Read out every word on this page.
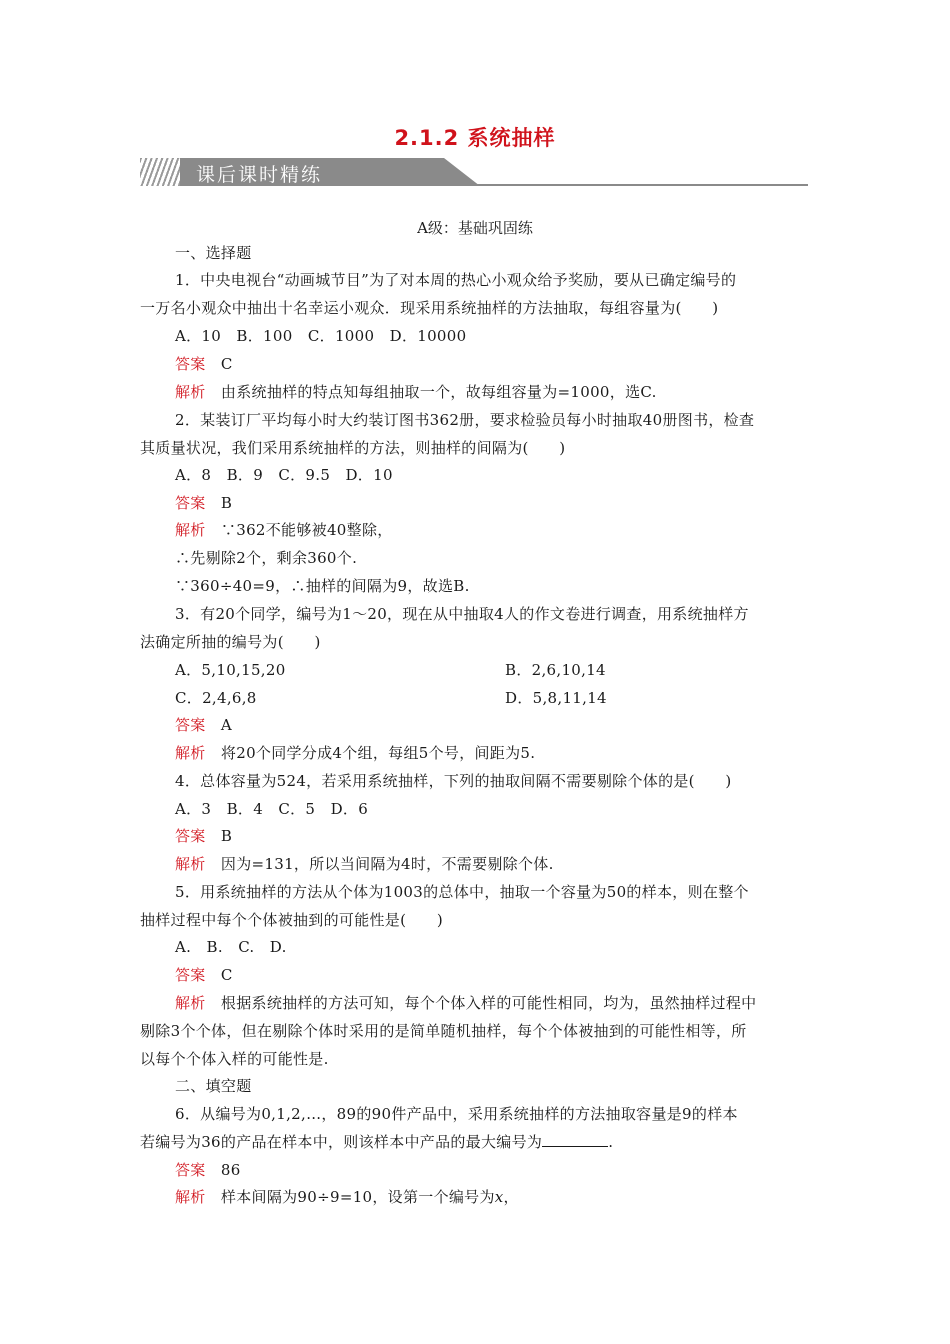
2.1.2 系统抽样
课后课时精练
A级：基础巩固练
一、选择题
1．中央电视台“动画城节目”为了对本周的热心小观众给予奖励，要从已确定编号的
一万名小观众中抽出十名幸运小观众．现采用系统抽样的方法抽取，每组容量为(　　)
A．10　B．100　C．1000　D．10000
答案　 C
解析　 由系统抽样的特点知每组抽取一个，故每组容量为=1000，选C.
2．某装订厂平均每小时大约装订图书362册，要求检验员每小时抽取40册图书，检查
其质量状况，我们采用系统抽样的方法，则抽样的间隔为(　　)
A．8　B．9　C．9.5　D．10
答案　 B
解析　 ∵362不能够被40整除，
∴先剔除2个，剩余360个.
∵360÷40=9，∴抽样的间隔为9，故选B.
3．有20个同学，编号为1～20，现在从中抽取4人的作文卷进行调查，用系统抽样方
法确定所抽的编号为(　　)
A．5,10,15,20	B．2,6,10,14
C．2,4,6,8	D．5,8,11,14
答案　 A
解析　 将20个同学分成4个组，每组5个号，间距为5.
4．总体容量为524，若采用系统抽样，下列的抽取间隔不需要剔除个体的是(　　)
A．3　B．4　C．5　D．6
答案　 B
解析　 因为=131，所以当间隔为4时，不需要剔除个体.
5．用系统抽样的方法从个体为1003的总体中，抽取一个容量为50的样本，则在整个
抽样过程中每个个体被抽到的可能性是(　　)
A.　B.　C.　D.
答案　 C
解析　 根据系统抽样的方法可知，每个个体入样的可能性相同，均为，虽然抽样过程中
剔除3个个体，但在剔除个体时采用的是简单随机抽样，每个个体被抽到的可能性相等，所
以每个个体入样的可能性是.
二、填空题
6．从编号为0,1,2,…，89的90件产品中，采用系统抽样的方法抽取容量是9的样本
若编号为36的产品在样本中，则该样本中产品的最大编号为	.
答案　 86
解析　 样本间隔为90÷9=10，设第一个编号为x，
